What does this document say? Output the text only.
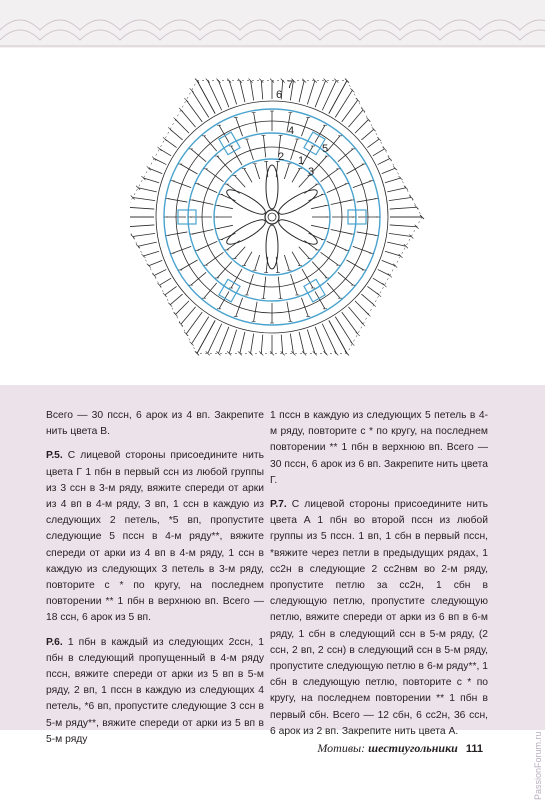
1
2
3
4
5
6
7

Всего — 30 пссн, 6 арок из 4 вп. Закрепите нить цвета В.

Р.5. С лицевой стороны присоедините нить цвета Г 1 пбн в первый ссн из любой группы из 3 ссн в 3-м ряду, вяжите спереди от арки из 4 вп в 4-м ряду, 3 вп, 1 ссн в каждую из следующих 2 петель, *5 вп, пропустите следующие 5 пссн в 4-м ряду**, вяжите спереди от арки из 4 вп в 4-м ряду, 1 ссн в каждую из следующих 3 петель в 3-м ряду, повторите с * по кругу, на последнем повторении ** 1 пбн в верхнюю вп. Всего — 18 ссн, 6 арок из 5 вп.

Р.6. 1 пбн в каждый из следующих 2ссн, 1 пбн в следующий пропущенный в 4-м ряду пссн, вяжите спереди от арки из 5 вп в 5-м ряду, 2 вп, 1 пссн в каждую из следующих 4 петель, *6 вп, пропустите следующие 3 ссн в 5-м ряду**, вяжите спереди от арки из 5 вп в 5-м ряду

1 пссн в каждую из следующих 5 петель в 4-м ряду, повторите с * по кругу, на последнем повторении ** 1 пбн в верхнюю вп. Всего — 30 пссн, 6 арок из 6 вп. Закрепите нить цвета Г.

Р.7. С лицевой стороны присоедините нить цвета А 1 пбн во второй пссн из любой группы из 5 пссн. 1 вп, 1 сбн в первый пссн, *вяжите через петли в предыдущих рядах, 1 сс2н в следующие 2 сс2нвм во 2-м ряду, пропустите петлю за сс2н, 1 сбн в следующую петлю, пропустите следующую петлю, вяжите спереди от арки из 6 вп в 6-м ряду, 1 сбн в следующий ссн в 5-м ряду, (2 ссн, 2 вп, 2 ссн) в следующий ссн в 5-м ряду, пропустите следующую петлю в 6-м ряду**, 1 сбн в следующую петлю, повторите с * по кругу, на последнем повторении ** 1 пбн в первый сбн. Всего — 12 сбн, 6 сс2н, 36 ссн, 6 арок из 2 вп. Закрепите нить цвета А.

Мотивы: шестиугольники 111	PassionForum.ru
